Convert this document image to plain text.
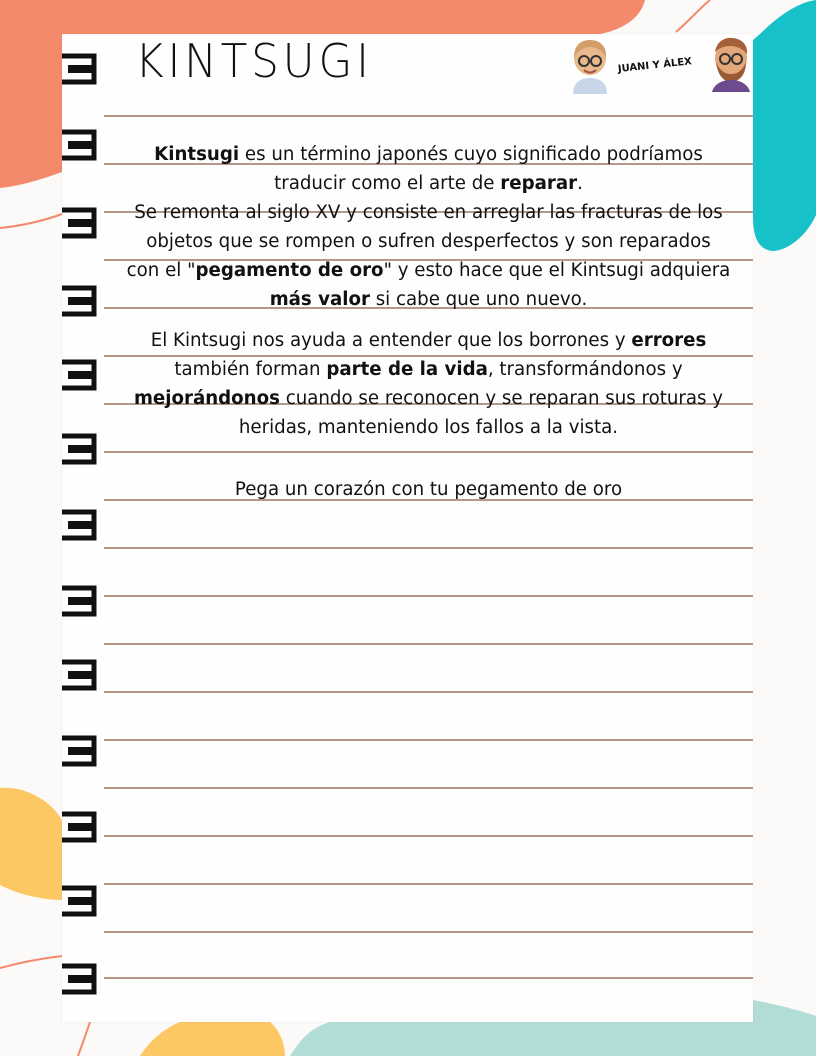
KINTSUGI	JUANI Y ÁLEX

Kintsugi es un término japonés cuyo significado podríamos
traducir como el arte de reparar.
Se remonta al siglo XV y consiste en arreglar las fracturas de los
objetos que se rompen o sufren desperfectos y son reparados
con el "pegamento de oro" y esto hace que el Kintsugi adquiera
más valor si cabe que uno nuevo.

El Kintsugi nos ayuda a entender que los borrones y errores
también forman parte de la vida, transformándonos y
mejorándonos cuando se reconocen y se reparan sus roturas y
heridas, manteniendo los fallos a la vista.

Pega un corazón con tu pegamento de oro
